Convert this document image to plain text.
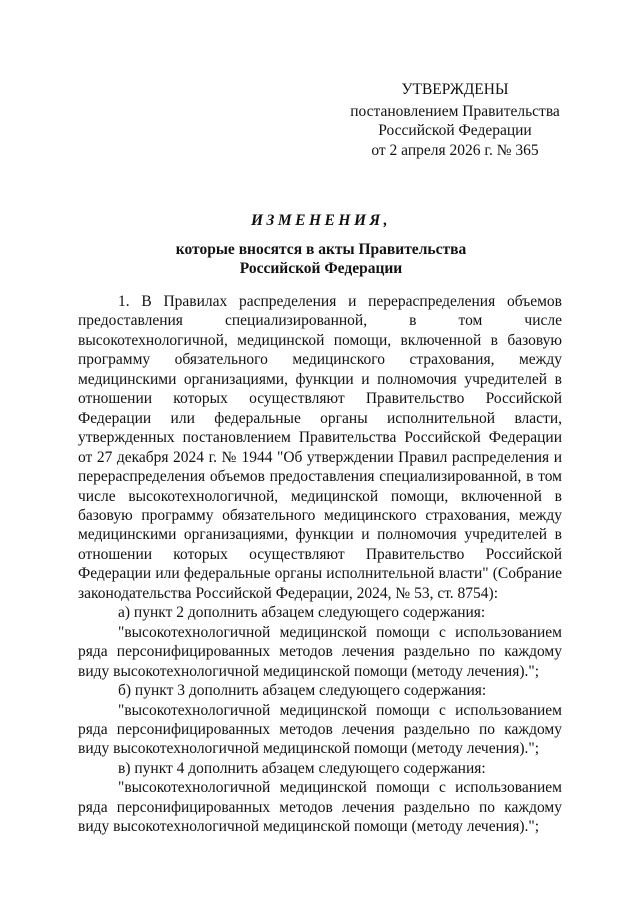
УТВЕРЖДЕНЫ
постановлением Правительства
Российской Федерации
от 2 апреля 2026 г. № 365
ИЗМЕНЕНИЯ,
которые вносятся в акты Правительства
Российской Федерации

1. В Правилах распределения и перераспределения объемов предоставления специализированной, в том числе высокотехнологичной, медицинской помощи, включенной в базовую программу обязательного медицинского страхования, между медицинскими организациями, функции и полномочия учредителей в отношении которых осуществляют Правительство Российской Федерации или федеральные органы исполнительной власти, утвержденных постановлением Правительства Российской Федерации от 27 декабря 2024 г. № 1944 "Об утверждении Правил распределения и перераспределения объемов предоставления специализированной, в том числе высокотехнологичной, медицинской помощи, включенной в базовую программу обязательного медицинского страхования, между медицинскими организациями, функции и полномочия учредителей в отношении которых осуществляют Правительство Российской Федерации или федеральные органы исполнительной власти" (Собрание законодательства Российской Федерации, 2024, № 53, ст. 8754):

а) пункт 2 дополнить абзацем следующего содержания:

"высокотехнологичной медицинской помощи с использованием ряда персонифицированных методов лечения раздельно по каждому виду высокотехнологичной медицинской помощи (методу лечения).";

б) пункт 3 дополнить абзацем следующего содержания:

"высокотехнологичной медицинской помощи с использованием ряда персонифицированных методов лечения раздельно по каждому виду высокотехнологичной медицинской помощи (методу лечения).";

в) пункт 4 дополнить абзацем следующего содержания:

"высокотехнологичной медицинской помощи с использованием ряда персонифицированных методов лечения раздельно по каждому виду высокотехнологичной медицинской помощи (методу лечения).";
